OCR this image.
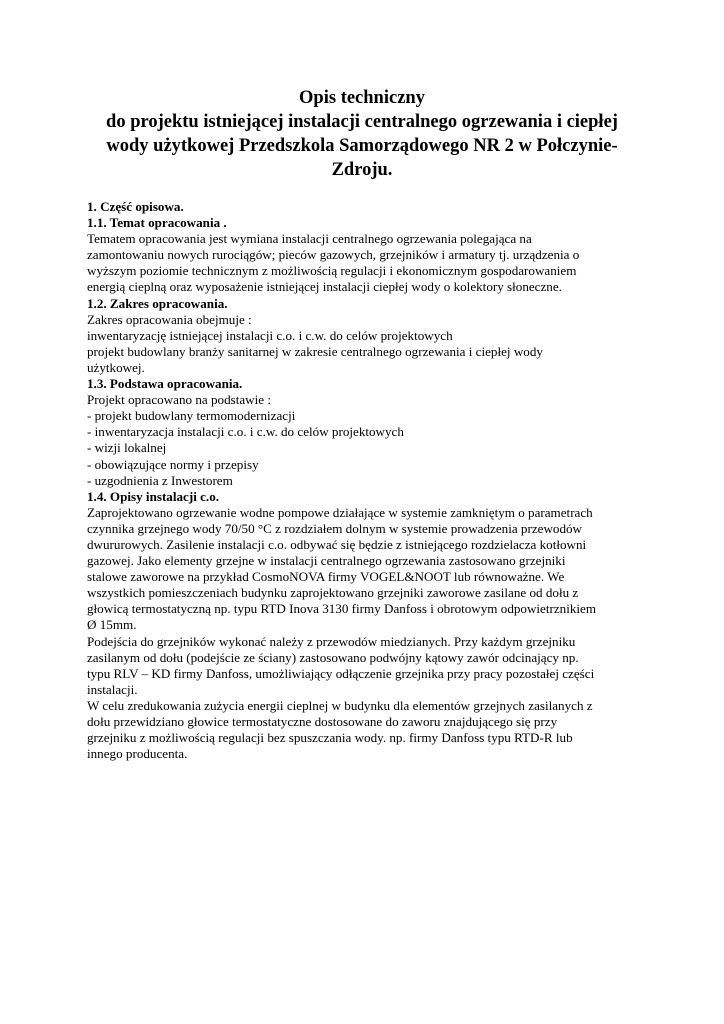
Opis techniczny
do projektu istniejącej instalacji centralnego ogrzewania i ciepłej
wody użytkowej Przedszkola Samorządowego NR 2 w Połczynie-
Zdroju.
1. Część opisowa.
1.1. Temat opracowania .
Tematem opracowania jest wymiana instalacji centralnego ogrzewania polegająca na
zamontowaniu nowych rurociągów; pieców gazowych, grzejników i armatury tj. urządzenia o
wyższym poziomie technicznym z możliwością regulacji i ekonomicznym gospodarowaniem
energią cieplną oraz wyposażenie istniejącej instalacji ciepłej wody o kolektory słoneczne.
1.2. Zakres opracowania.
Zakres opracowania obejmuje :
inwentaryzację istniejącej instalacji c.o. i c.w. do celów projektowych
projekt budowlany branży sanitarnej w zakresie centralnego ogrzewania i ciepłej wody
użytkowej.
1.3. Podstawa opracowania.
Projekt opracowano na podstawie :
- projekt budowlany termomodernizacji
- inwentaryzacja instalacji c.o. i c.w. do celów projektowych
- wizji lokalnej
- obowiązujące normy i przepisy
- uzgodnienia z Inwestorem
1.4. Opisy instalacji c.o.
Zaprojektowano ogrzewanie wodne pompowe działające w systemie zamkniętym o parametrach
czynnika grzejnego wody 70/50 °C z rozdziałem dolnym w systemie prowadzenia przewodów
dwururowych. Zasilenie instalacji c.o. odbywać się będzie z istniejącego rozdzielacza kotłowni
gazowej. Jako elementy grzejne w instalacji centralnego ogrzewania zastosowano grzejniki
stalowe zaworowe na przykład CosmoNOVA firmy VOGEL&NOOT lub równoważne. We
wszystkich pomieszczeniach budynku zaprojektowano grzejniki zaworowe zasilane od dołu z
głowicą termostatyczną np. typu RTD Inova 3130 firmy Danfoss i obrotowym odpowietrznikiem
Ø 15mm.
Podejścia do grzejników wykonać należy z przewodów miedzianych. Przy każdym grzejniku
zasilanym od dołu (podejście ze ściany) zastosowano podwójny kątowy zawór odcinający np.
typu RLV – KD firmy Danfoss, umożliwiający odłączenie grzejnika przy pracy pozostałej części
instalacji.
W celu zredukowania zużycia energii cieplnej w budynku dla elementów grzejnych zasilanych z
dołu przewidziano głowice termostatyczne dostosowane do zaworu znajdującego się przy
grzejniku z możliwością regulacji bez spuszczania wody. np. firmy Danfoss typu RTD-R lub
innego producenta.
